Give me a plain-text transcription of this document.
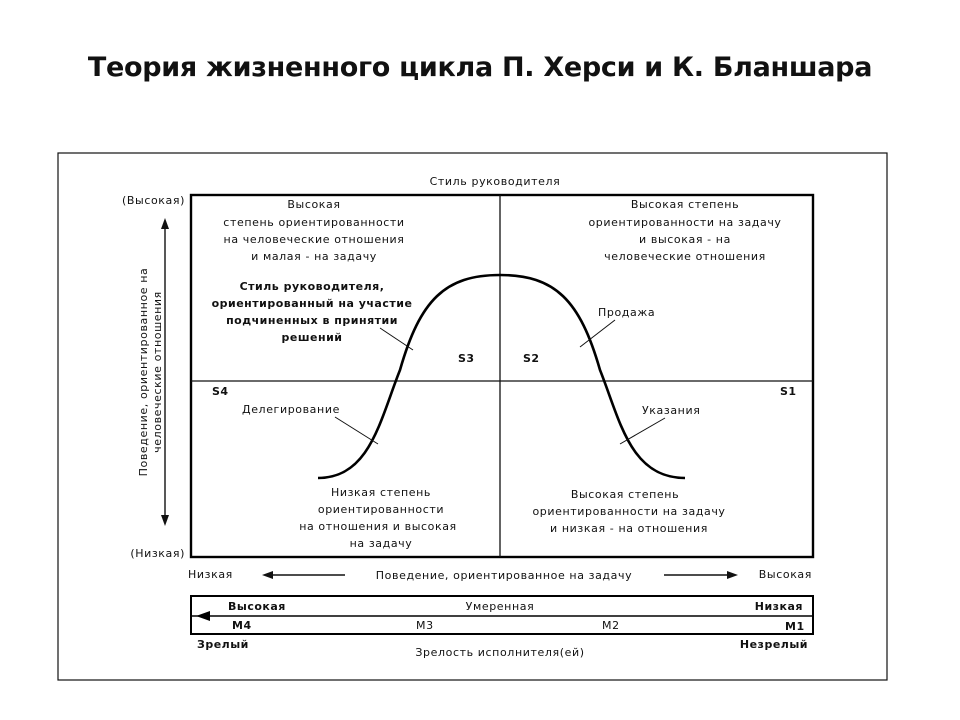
Теория жизненного цикла П. Херси и К. Бланшара
Стиль руководителя
(Высокая)
(Низкая)
Поведение, ориентированное на человеческие отношения
Высокая
степень ориентированности
на человеческие отношения
и малая - на задачу
Высокая степень
ориентированности на задачу
и высокая - на
человеческие отношения
Низкая степень
ориентированности
на отношения и высокая
на задачу
Высокая степень
ориентированности на задачу
и низкая - на отношения
Стиль руководителя,
ориентированный на участие
подчиненных в принятии
решений
S4
S3	S2
S1
Продажа
Указания
Делегирование
Низкая	Поведение, ориентированное на задачу	Высокая
Высокая	Умеренная	Низкая
M4	M3	M2	M1
Зрелый
Зрелость исполнителя(ей)
Незрелый
